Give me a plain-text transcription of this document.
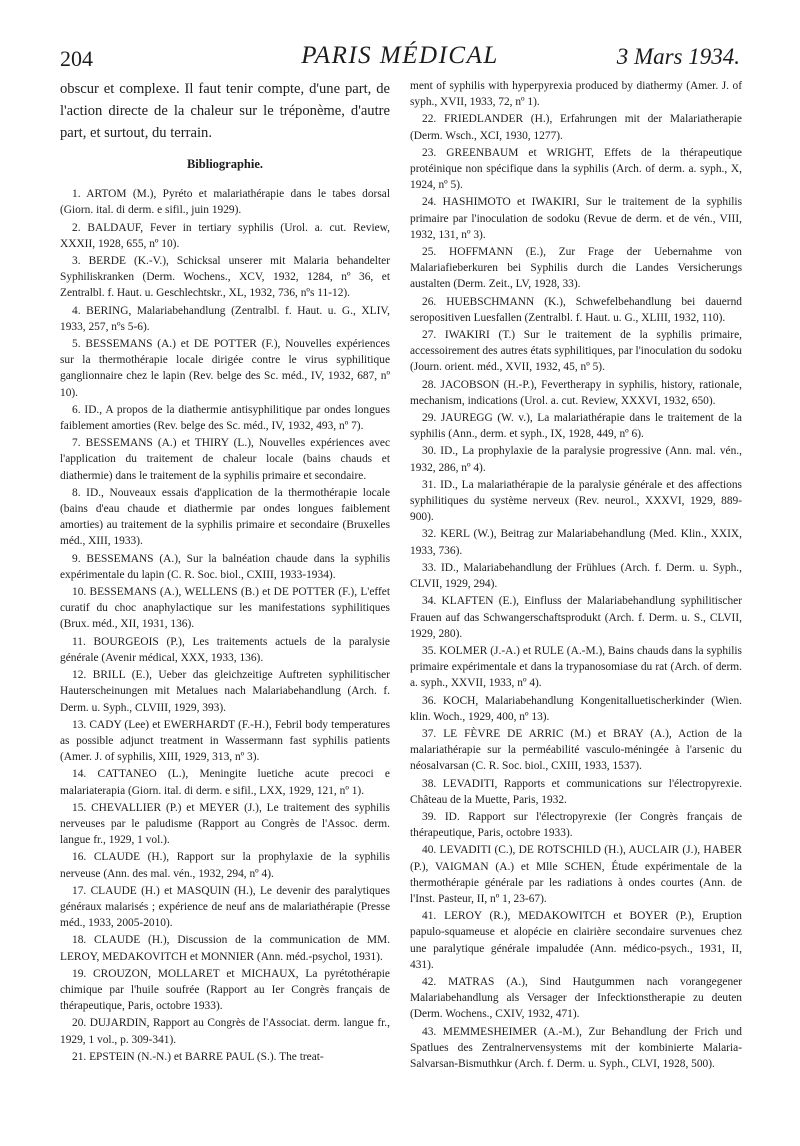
204	PARIS MÉDICAL	3 Mars 1934.

obscur et complexe. Il faut tenir compte, d'une part, de l'action directe de la chaleur sur le tréponème, d'autre part, et surtout, du terrain.

Bibliographie.

1. ARTOM (M.), Pyréto et malariathérapie dans le tabes dorsal (Giorn. ital. di derm. e sifil., juin 1929).

2. BALDAUF, Fever in tertiary syphilis (Urol. a. cut. Review, XXXII, 1928, 655, nº 10).

3. BERDE (K.-V.), Schicksal unserer mit Malaria behandelter Syphiliskranken (Derm. Wochens., XCV, 1932, 1284, nº 36, et Zentralbl. f. Haut. u. Geschlechtskr., XL, 1932, 736, nºs 11-12).

4. BERING, Malariabehandlung (Zentralbl. f. Haut. u. G., XLIV, 1933, 257, nºs 5-6).

5. BESSEMANS (A.) et DE POTTER (F.), Nouvelles expériences sur la thermothérapie locale dirigée contre le virus syphilitique ganglionnaire chez le lapin (Rev. belge des Sc. méd., IV, 1932, 687, nº 10).

6. ID., A propos de la diathermie antisyphilitique par ondes longues faiblement amorties (Rev. belge des Sc. méd., IV, 1932, 493, nº 7).

7. BESSEMANS (A.) et THIRY (L.), Nouvelles expériences avec l'application du traitement de chaleur locale (bains chauds et diathermie) dans le traitement de la syphilis primaire et secondaire.

8. ID., Nouveaux essais d'application de la thermothérapie locale (bains d'eau chaude et diathermie par ondes longues faiblement amorties) au traitement de la syphilis primaire et secondaire (Bruxelles méd., XIII, 1933).

9. BESSEMANS (A.), Sur la balnéation chaude dans la syphilis expérimentale du lapin (C. R. Soc. biol., CXIII, 1933-1934).

10. BESSEMANS (A.), WELLENS (B.) et DE POTTER (F.), L'effet curatif du choc anaphylactique sur les manifestations syphilitiques (Brux. méd., XII, 1931, 136).

11. BOURGEOIS (P.), Les traitements actuels de la paralysie générale (Avenir médical, XXX, 1933, 136).

12. BRILL (E.), Ueber das gleichzeitige Auftreten syphilitischer Hauterscheinungen mit Metalues nach Malariabehandlung (Arch. f. Derm. u. Syph., CLVIII, 1929, 393).

13. CADY (Lee) et EWERHARDT (F.-H.), Febril body temperatures as possible adjunct treatment in Wassermann fast syphilis patients (Amer. J. of syphilis, XIII, 1929, 313, nº 3).

14. CATTANEO (L.), Meningite luetiche acute precoci e malariaterapia (Giorn. ital. di derm. e sifil., LXX, 1929, 121, nº 1).

15. CHEVALLIER (P.) et MEYER (J.), Le traitement des syphilis nerveuses par le paludisme (Rapport au Congrès de l'Assoc. derm. langue fr., 1929, 1 vol.).

16. CLAUDE (H.), Rapport sur la prophylaxie de la syphilis nerveuse (Ann. des mal. vén., 1932, 294, nº 4).

17. CLAUDE (H.) et MASQUIN (H.), Le devenir des paralytiques généraux malarisés ; expérience de neuf ans de malariathérapie (Presse méd., 1933, 2005-2010).

18. CLAUDE (H.), Discussion de la communication de MM. LEROY, MEDAKOVITCH et MONNIER (Ann. méd.-psychol, 1931).

19. CROUZON, MOLLARET et MICHAUX, La pyrétothérapie chimique par l'huile soufrée (Rapport au Ier Congrès français de thérapeutique, Paris, octobre 1933).

20. DUJARDIN, Rapport au Congrès de l'Associat. derm. langue fr., 1929, 1 vol., p. 309-341).

21. EPSTEIN (N.-N.) et BARRE PAUL (S.). The treat-

ment of syphilis with hyperpyrexia produced by diathermy (Amer. J. of syph., XVII, 1933, 72, nº 1).

22. FRIEDLANDER (H.), Erfahrungen mit der Malariatherapie (Derm. Wsch., XCI, 1930, 1277).

23. GREENBAUM et WRIGHT, Effets de la thérapeutique protéinique non spécifique dans la syphilis (Arch. of derm. a. syph., X, 1924, nº 5).

24. HASHIMOTO et IWAKIRI, Sur le traitement de la syphilis primaire par l'inoculation de sodoku (Revue de derm. et de vén., VIII, 1932, 131, nº 3).

25. HOFFMANN (E.), Zur Frage der Uebernahme von Malariafieberkuren bei Syphilis durch die Landes Versicherungs austalten (Derm. Zeit., LV, 1928, 33).

26. HUEBSCHMANN (K.), Schwefelbehandlung bei dauernd seropositiven Luesfallen (Zentralbl. f. Haut. u. G., XLIII, 1932, 110).

27. IWAKIRI (T.) Sur le traitement de la syphilis primaire, accessoirement des autres états syphilitiques, par l'inoculation du sodoku (Journ. orient. méd., XVII, 1932, 45, nº 5).

28. JACOBSON (H.-P.), Fevertherapy in syphilis, history, rationale, mechanism, indications (Urol. a. cut. Review, XXXVI, 1932, 650).

29. JAUREGG (W. v.), La malariathérapie dans le traitement de la syphilis (Ann., derm. et syph., IX, 1928, 449, nº 6).

30. ID., La prophylaxie de la paralysie progressive (Ann. mal. vén., 1932, 286, nº 4).

31. ID., La malariathérapie de la paralysie générale et des affections syphilitiques du système nerveux (Rev. neurol., XXXVI, 1929, 889-900).

32. KERL (W.), Beitrag zur Malariabehandlung (Med. Klin., XXIX, 1933, 736).

33. ID., Malariabehandlung der Frühlues (Arch. f. Derm. u. Syph., CLVII, 1929, 294).

34. KLAFTEN (E.), Einfluss der Malariabehandlung syphilitischer Frauen auf das Schwangerschaftsprodukt (Arch. f. Derm. u. S., CLVII, 1929, 280).

35. KOLMER (J.-A.) et RULE (A.-M.), Bains chauds dans la syphilis primaire expérimentale et dans la trypanosomiase du rat (Arch. of derm. a. syph., XXVII, 1933, nº 4).

36. KOCH, Malariabehandlung Kongenitalluetischerkinder (Wien. klin. Woch., 1929, 400, nº 13).

37. LE FÈVRE DE ARRIC (M.) et BRAY (A.), Action de la malariathérapie sur la perméabilité vasculo-méningée à l'arsenic du néosalvarsan (C. R. Soc. biol., CXIII, 1933, 1537).

38. LEVADITI, Rapports et communications sur l'électropyrexie. Château de la Muette, Paris, 1932.

39. ID. Rapport sur l'électropyrexie (Ier Congrès français de thérapeutique, Paris, octobre 1933).

40. LEVADITI (C.), DE ROTSCHILD (H.), AUCLAIR (J.), HABER (P.), VAIGMAN (A.) et Mlle SCHEN, Étude expérimentale de la thermothérapie générale par les radiations à ondes courtes (Ann. de l'Inst. Pasteur, II, nº 1, 23-67).

41. LEROY (R.), MEDAKOWITCH et BOYER (P.), Eruption papulo-squameuse et alopécie en clairière secondaire survenues chez une paralytique générale impaludée (Ann. médico-psych., 1931, II, 431).

42. MATRAS (A.), Sind Hautgummen nach vorangegener Malariabehandlung als Versager der Infecktionstherapie zu deuten (Derm. Wochens., CXIV, 1932, 471).

43. MEMMESHEIMER (A.-M.), Zur Behandlung der Frich und Spatlues des Zentralnervensystems mit der kombinierte Malaria-Salvarsan-Bismuthkur (Arch. f. Derm. u. Syph., CLVI, 1928, 500).
